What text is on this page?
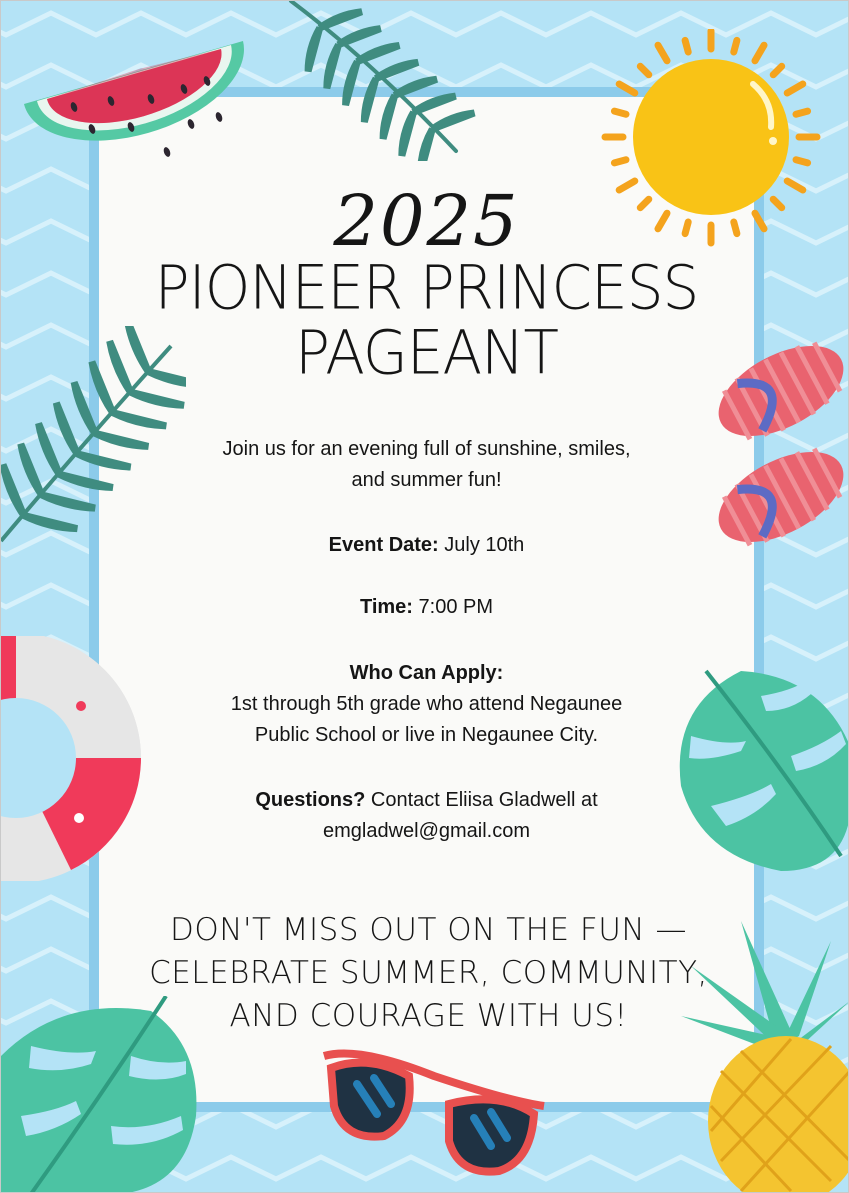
2025
PIONEER PRINCESS
PAGEANT
Join us for an evening full of sunshine, smiles,
and summer fun!
Event Date: July 10th
Time: 7:00 PM
Who Can Apply:
1st through 5th grade who attend Negaunee
Public School or live in Negaunee City.
Questions? Contact Eliisa Gladwell at
emgladwel@gmail.com
DON'T MISS OUT ON THE FUN —
CELEBRATE SUMMER, COMMUNITY,
AND COURAGE WITH US!
